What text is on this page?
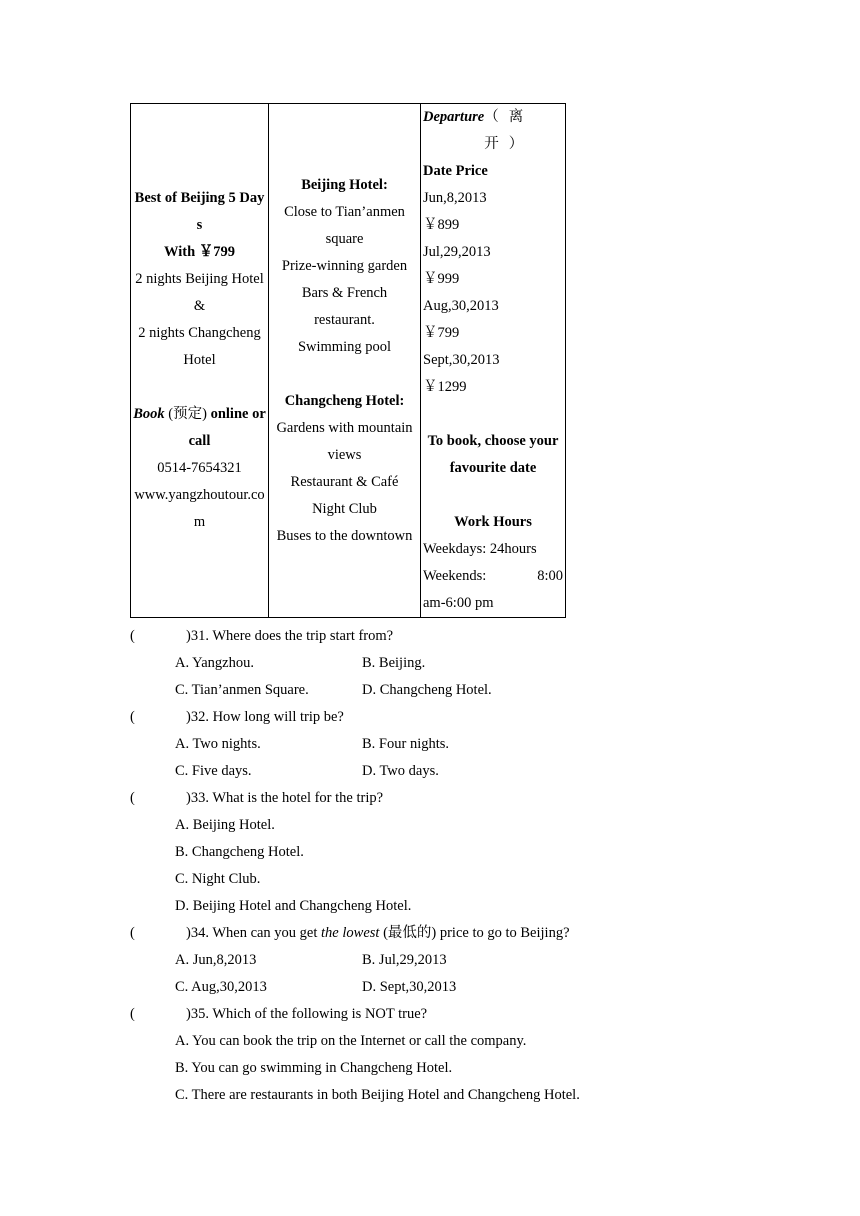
Best of Beijing 5 Days
With ￥799
2 nights Beijing Hotel
&
2 nights Changcheng Hotel
Book (预定) online or call
0514-7654321
www.yangzhoutour.com

Beijing Hotel:
Close to Tian’anmen square
Prize-winning garden
Bars & French restaurant.
Swimming pool
Changcheng Hotel:
Gardens with mountain views
Restaurant & Café
Night Club
Buses to the downtown

Departure （离开）
Date Price
Jun,8,2013
￥899
Jul,29,2013
￥999
Aug,30,2013
￥799
Sept,30,2013
￥1299
To book, choose your favourite date
Work Hours
Weekdays: 24hours
Weekends:	8:00
am-6:00 pm
(	)31. Where does the trip start from?
A. Yangzhou.	B. Beijing.
C. Tian’anmen Square.	D. Changcheng Hotel.
(	)32. How long will trip be?
A. Two nights.	B. Four nights.
C. Five days.	D. Two days.
(	)33. What is the hotel for the trip?
A. Beijing Hotel.
B. Changcheng Hotel.
C. Night Club.
D. Beijing Hotel and Changcheng Hotel.
(	)34. When can you get the lowest (最低的) price to go to Beijing?
A. Jun,8,2013	B. Jul,29,2013
C. Aug,30,2013	D. Sept,30,2013
(	)35. Which of the following is NOT true?
A. You can book the trip on the Internet or call the company.
B. You can go swimming in Changcheng Hotel.
C. There are restaurants in both Beijing Hotel and Changcheng Hotel.
